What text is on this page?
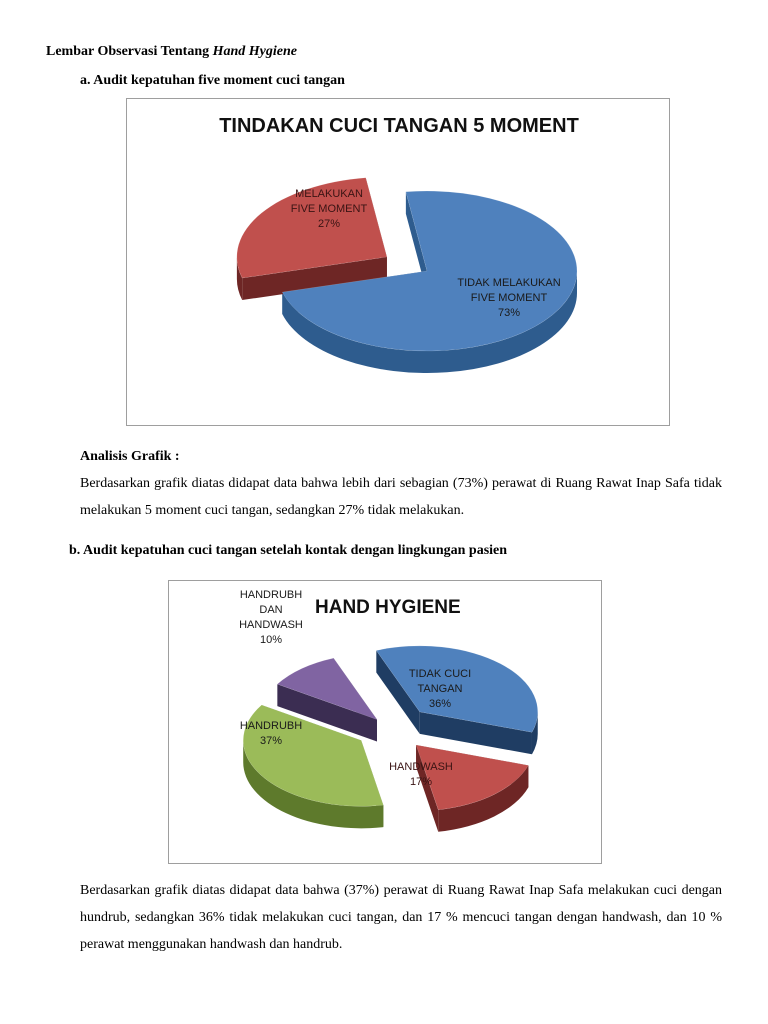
Lembar Observasi Tentang Hand Hygiene
a. Audit kepatuhan five moment cuci tangan
TINDAKAN CUCI TANGAN 5 MOMENT
TIDAK MELAKUKAN FIVE MOMENT 73%
MELAKUKAN FIVE MOMENT 27%
Analisis Grafik :
Berdasarkan grafik diatas didapat data bahwa lebih dari sebagian (73%) perawat di Ruang Rawat Inap Safa tidak melakukan 5 moment cuci tangan, sedangkan 27% tidak melakukan.
b. Audit kepatuhan cuci tangan setelah kontak dengan lingkungan pasien
HAND HYGIENE
TIDAK CUCI TANGAN 36%
HANDWASH 17%
HANDRUBH 37%
HANDRUBH DAN HANDWASH 10%
Berdasarkan grafik diatas didapat data bahwa (37%) perawat di Ruang Rawat Inap Safa melakukan cuci dengan hundrub, sedangkan 36% tidak melakukan cuci tangan, dan 17 % mencuci tangan dengan handwash, dan 10 % perawat menggunakan handwash dan handrub.
